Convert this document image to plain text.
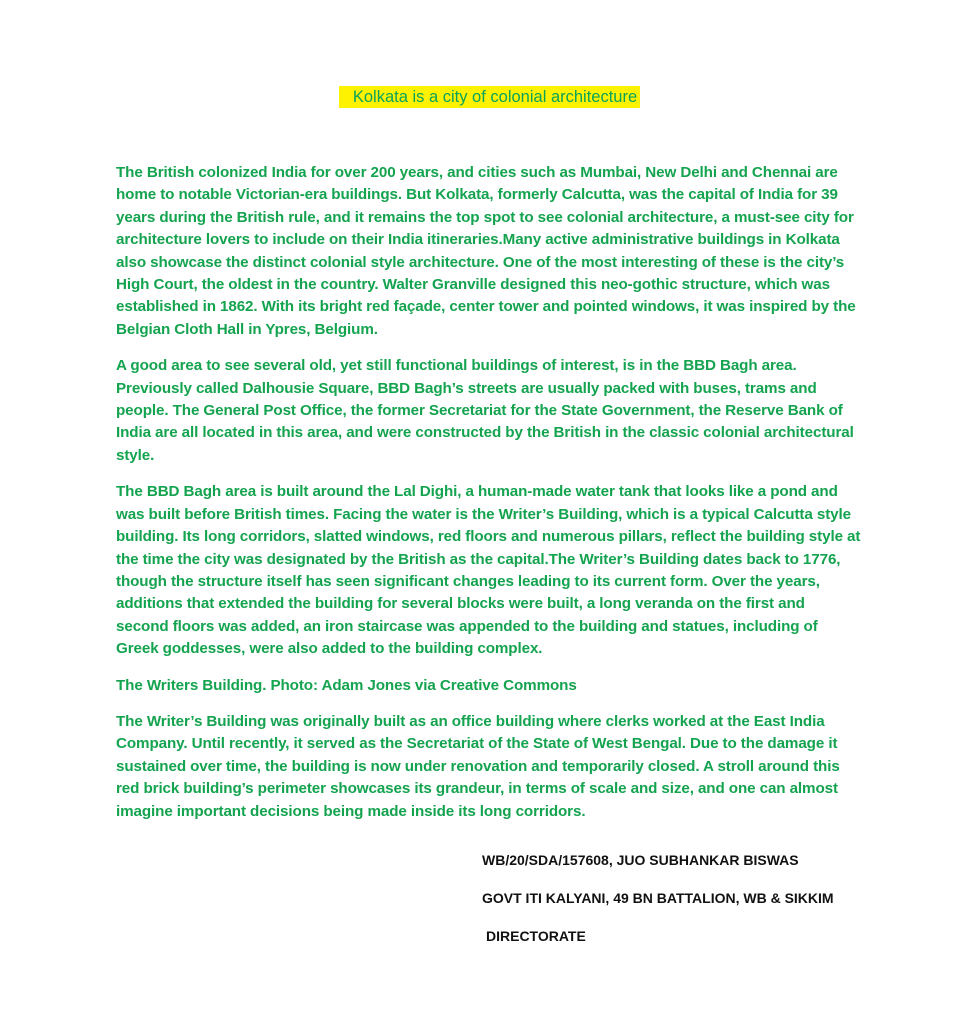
Kolkata is a city of colonial architecture

The British colonized India for over 200 years, and cities such as Mumbai, New Delhi and Chennai are home to notable Victorian-era buildings. But Kolkata, formerly Calcutta, was the capital of India for 39 years during the British rule, and it remains the top spot to see colonial architecture, a must-see city for architecture lovers to include on their India itineraries.Many active administrative buildings in Kolkata also showcase the distinct colonial style architecture. One of the most interesting of these is the city’s High Court, the oldest in the country. Walter Granville designed this neo-gothic structure, which was established in 1862. With its bright red façade, center tower and pointed windows, it was inspired by the Belgian Cloth Hall in Ypres, Belgium.

A good area to see several old, yet still functional buildings of interest, is in the BBD Bagh area. Previously called Dalhousie Square, BBD Bagh’s streets are usually packed with buses, trams and people. The General Post Office, the former Secretariat for the State Government, the Reserve Bank of India are all located in this area, and were constructed by the British in the classic colonial architectural style.

The BBD Bagh area is built around the Lal Dighi, a human-made water tank that looks like a pond and was built before British times. Facing the water is the Writer’s Building, which is a typical Calcutta style building. Its long corridors, slatted windows, red floors and numerous pillars, reflect the building style at the time the city was designated by the British as the capital.The Writer’s Building dates back to 1776, though the structure itself has seen significant changes leading to its current form. Over the years, additions that extended the building for several blocks were built, a long veranda on the first and second floors was added, an iron staircase was appended to the building and statues, including of Greek goddesses, were also added to the building complex.

The Writers Building. Photo: Adam Jones via Creative Commons

The Writer’s Building was originally built as an office building where clerks worked at the East India Company. Until recently, it served as the Secretariat of the State of West Bengal. Due to the damage it sustained over time, the building is now under renovation and temporarily closed. A stroll around this red brick building’s perimeter showcases its grandeur, in terms of scale and size, and one can almost imagine important decisions being made inside its long corridors.

WB/20/SDA/157608, JUO SUBHANKAR BISWAS
GOVT ITI KALYANI, 49 BN BATTALION, WB & SIKKIM
DIRECTORATE
